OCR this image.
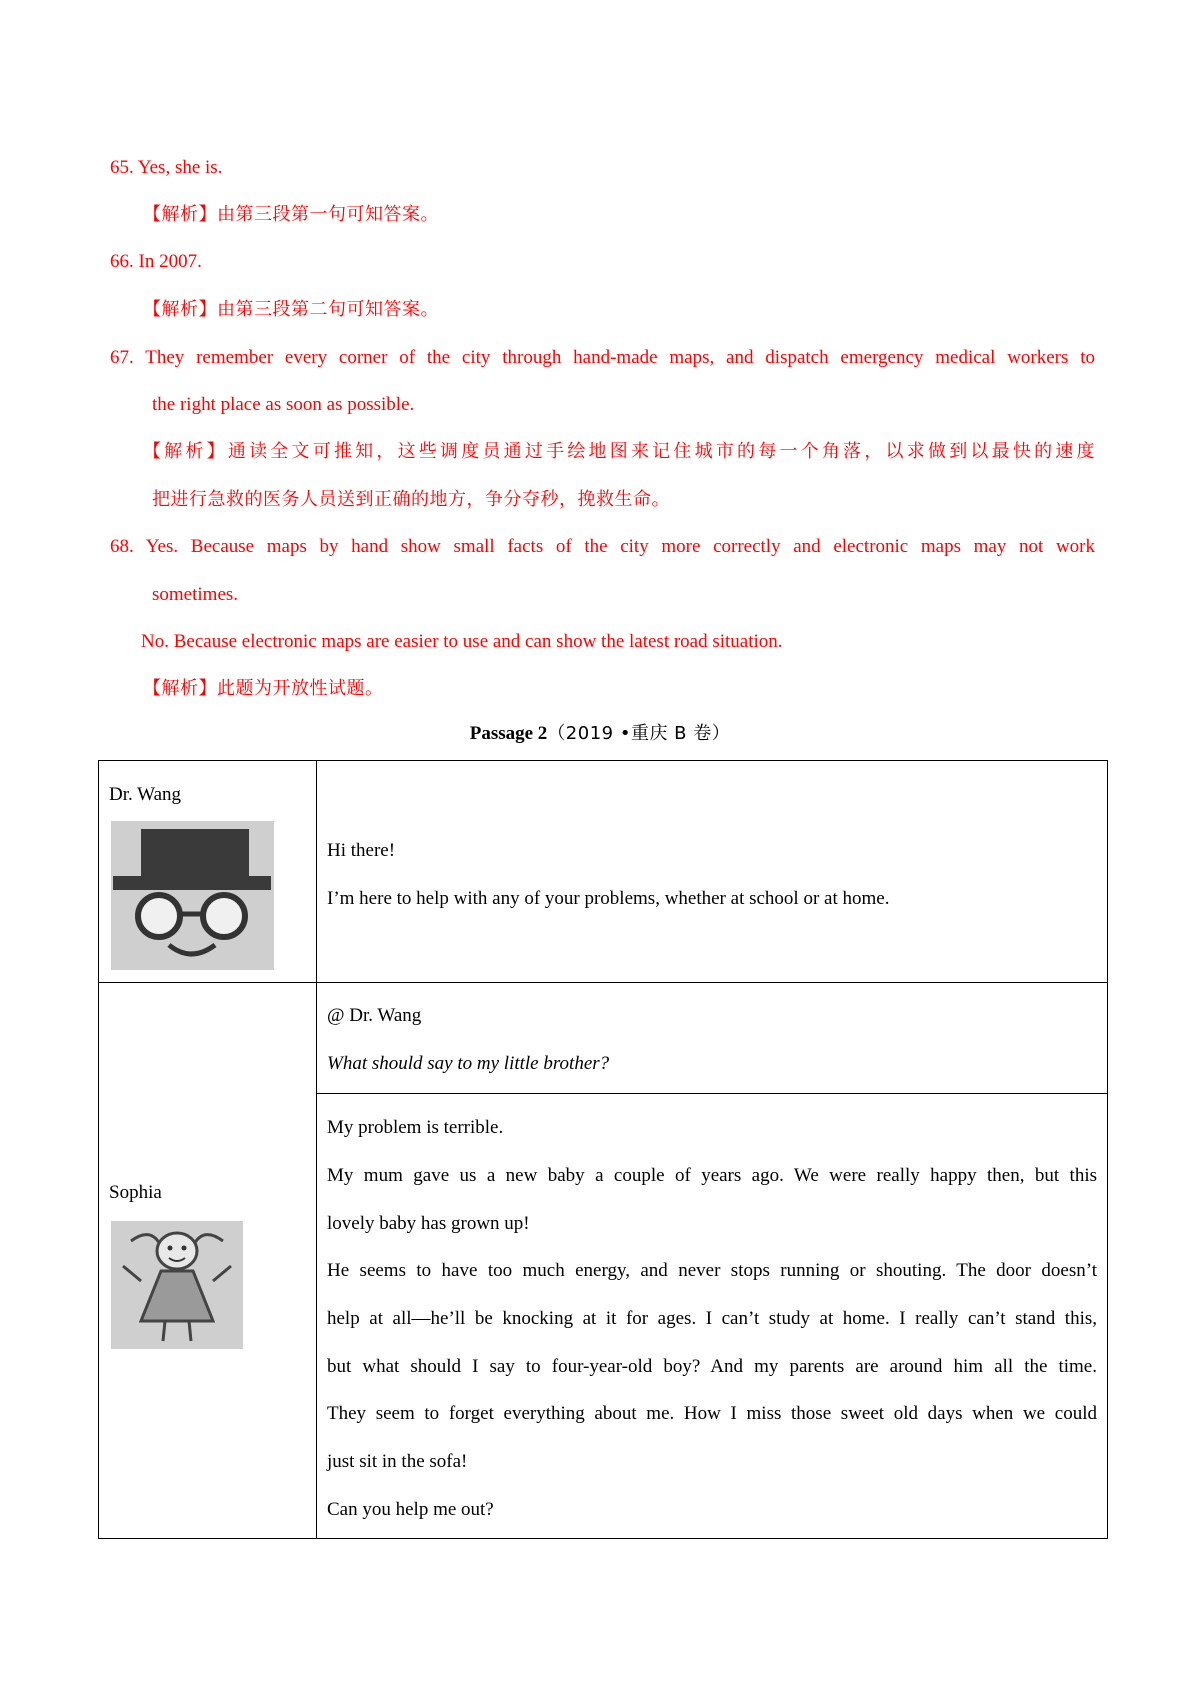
65. Yes, she is.
【解析】由第三段第一句可知答案。
66. In 2007.
【解析】由第三段第二句可知答案。
67. They remember every corner of the city through hand-made maps, and dispatch emergency medical workers to
the right place as soon as possible.
【解析】通读全文可推知，这些调度员通过手绘地图来记住城市的每一个角落，以求做到以最快的速度
把进行急救的医务人员送到正确的地方，争分夺秒，挽救生命。
68. Yes. Because maps by hand show small facts of the city more correctly and electronic maps may not work
sometimes.
No. Because electronic maps are easier to use and can show the latest road situation.
【解析】此题为开放性试题。
Passage 2（2019 •重庆 B 卷）
Dr. Wang
Hi there!
I’m here to help with any of your problems, whether at school or at home.
Sophia
@ Dr. Wang
What should say to my little brother?
My problem is terrible.
My mum gave us a new baby a couple of years ago. We were really happy then, but this
lovely baby has grown up!
He seems to have too much energy, and never stops running or shouting. The door doesn’t
help at all—he’ll be knocking at it for ages. I can’t study at home. I really can’t stand this,
but what should I say to four-year-old boy? And my parents are around him all the time.
They seem to forget everything about me. How I miss those sweet old days when we could
just sit in the sofa!
Can you help me out?
